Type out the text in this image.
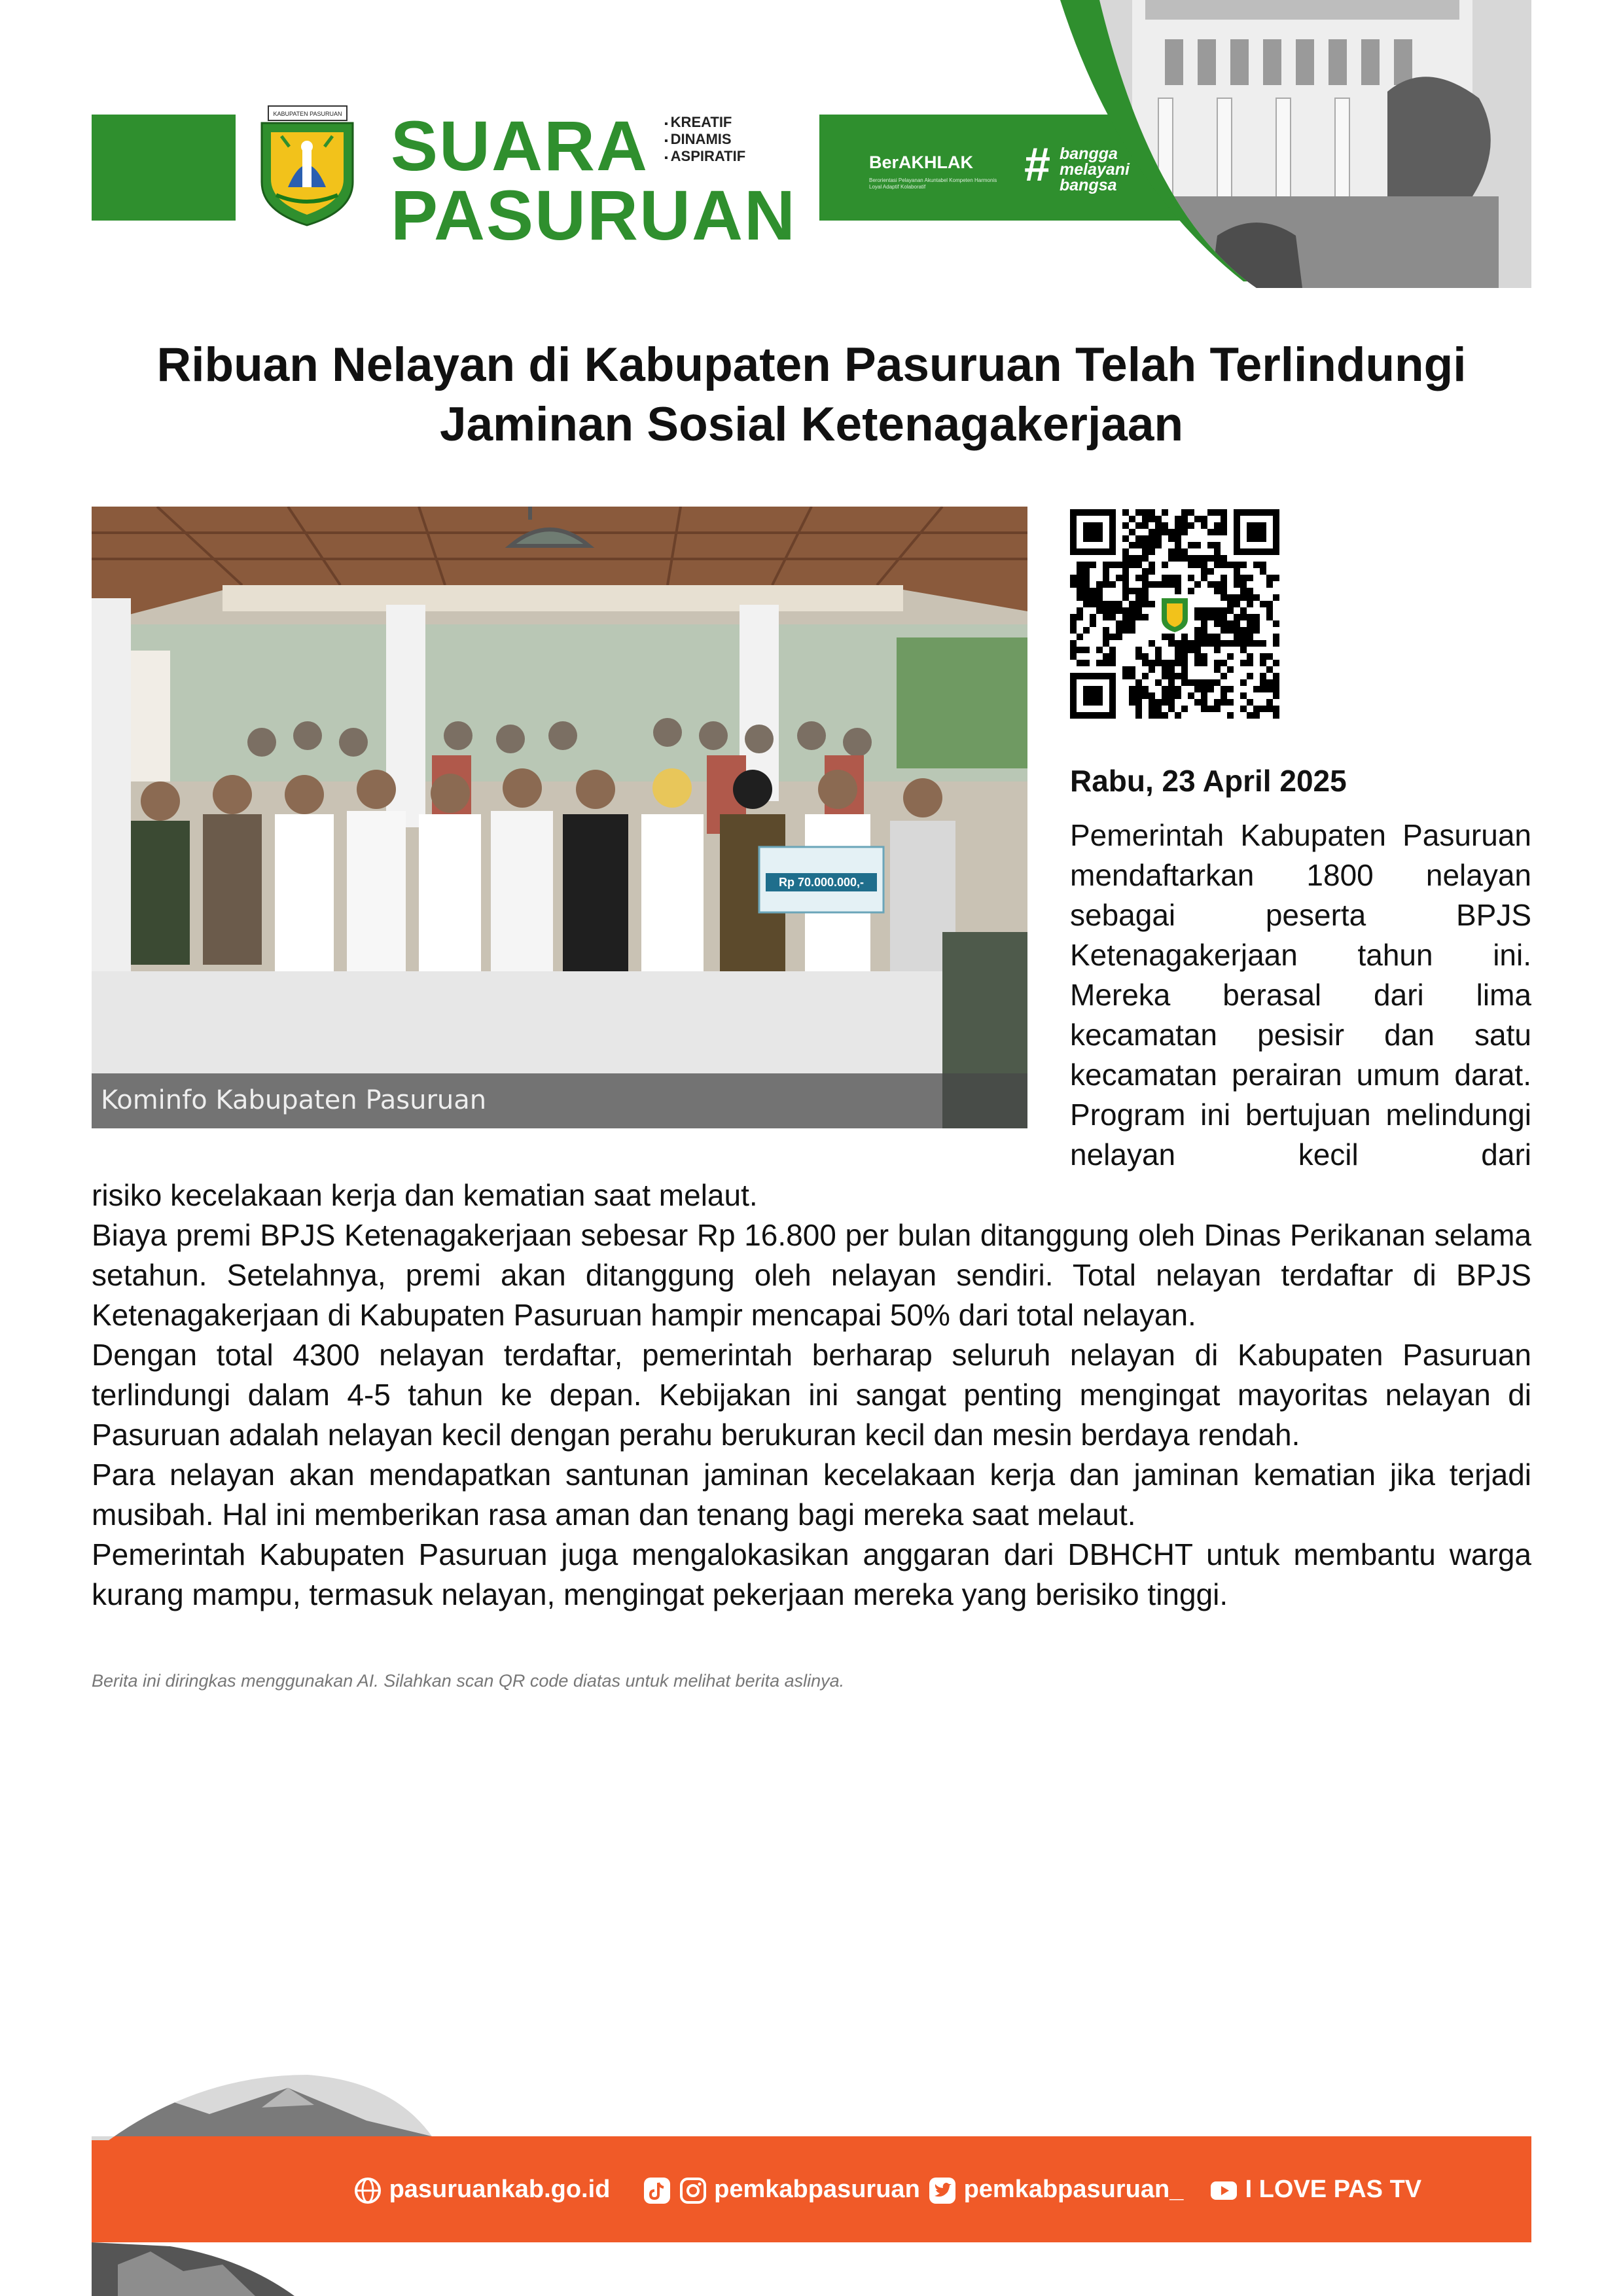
KABUPATEN PASURUAN SUARA
PASURUAN
▪ KREATIF
▪ DINAMIS
▪ ASPIRATIF	BerAKHLAK
Berorientasi Pelayanan Akuntabel Kompeten Harmonis Loyal Adaptif Kolaboratif	# bangga
melayani
bangsa
Ribuan Nelayan di Kabupaten Pasuruan Telah Terlindungi Jaminan Sosial Ketenagakerjaan
Rp 70.000.000,-
Kominfo Kabupaten Pasuruan
Rabu, 23 April 2025
Pemerintah Kabupaten Pasuruan mendaftarkan 1800 nelayan sebagai peserta BPJS Ketenagakerjaan tahun ini. Mereka berasal dari lima kecamatan pesisir dan satu kecamatan perairan umum darat. Program ini bertujuan melindungi nelayan kecil dari

risiko kecelakaan kerja dan kematian saat melaut.

Biaya premi BPJS Ketenagakerjaan sebesar Rp 16.800 per bulan ditanggung oleh Dinas Perikanan selama setahun. Setelahnya, premi akan ditanggung oleh nelayan sendiri. Total nelayan terdaftar di BPJS Ketenagakerjaan di Kabupaten Pasuruan hampir mencapai 50% dari total nelayan.

Dengan total 4300 nelayan terdaftar, pemerintah berharap seluruh nelayan di Kabupaten Pasuruan terlindungi dalam 4-5 tahun ke depan. Kebijakan ini sangat penting mengingat mayoritas nelayan di Pasuruan adalah nelayan kecil dengan perahu berukuran kecil dan mesin berdaya rendah.

Para nelayan akan mendapatkan santunan jaminan kecelakaan kerja dan jaminan kematian jika terjadi musibah. Hal ini memberikan rasa aman dan tenang bagi mereka saat melaut.

Pemerintah Kabupaten Pasuruan juga mengalokasikan anggaran dari DBHCHT untuk membantu warga kurang mampu, termasuk nelayan, mengingat pekerjaan mereka yang berisiko tinggi.

Berita ini diringkas menggunakan AI. Silahkan scan QR code diatas untuk melihat berita aslinya.
pasuruankab.go.id	pemkabpasuruan	pemkabpasuruan_	I LOVE PAS TV
